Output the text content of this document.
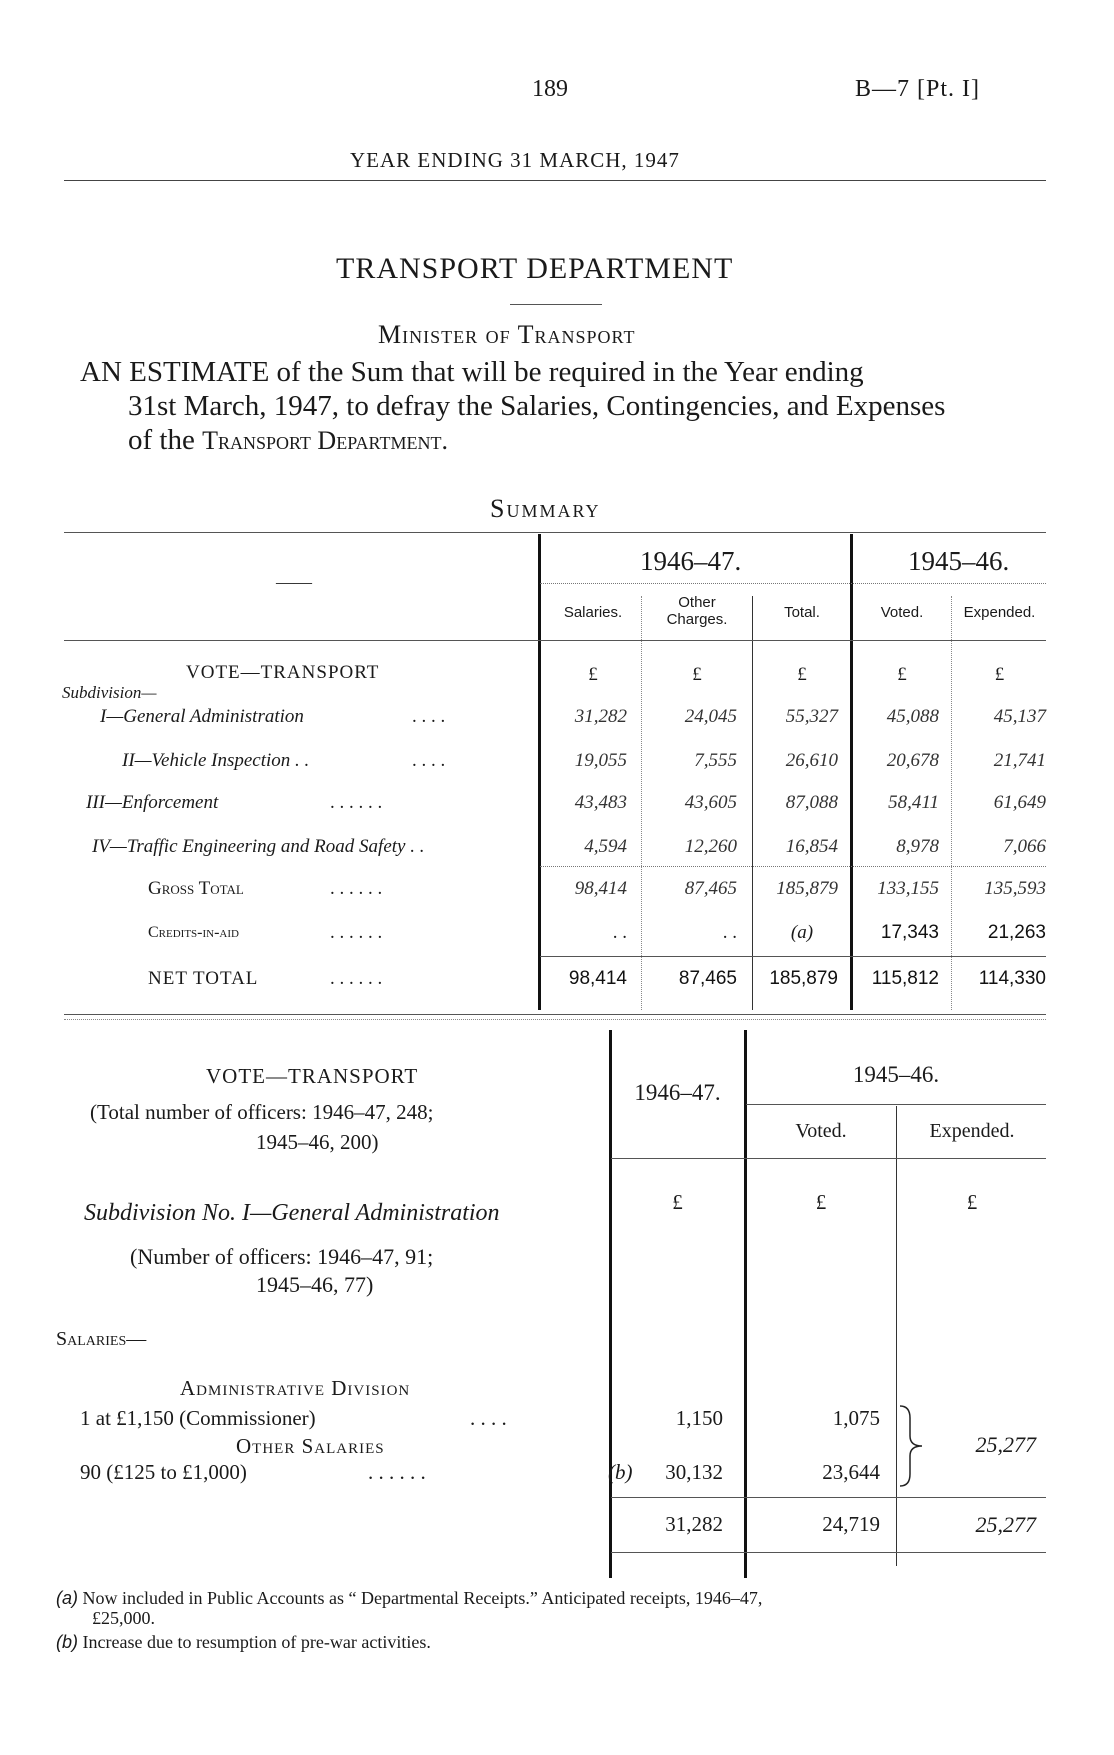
189	B—7 [Pt. I]
YEAR ENDING 31 MARCH, 1947
TRANSPORT DEPARTMENT
Minister of Transport
AN ESTIMATE of the Sum that will be required in the Year ending
31st March, 1947, to defray the Salaries, Contingencies, and Expenses
of the Transport Department.
Summary
——
1946–47.	1945–46.
Salaries.
Other
Charges.	Total.	Voted.	Expended.
VOTE—TRANSPORT
Subdivision—
£	£	£	£	£
I—General Administration	. . . .	31,282	24,045	55,327	45,088	45,137
II—Vehicle Inspection . .	. . . .	19,055	7,555	26,610	20,678	21,741
III—Enforcement	. . . . . .	43,483	43,605	87,088	58,411	61,649
IV—Traffic Engineering and Road Safety . .	4,594	12,260	16,854	8,978	7,066
Gross Total	. . . . . .	98,414	87,465	185,879	133,155	135,593
Credits-in-aid	. . . . . .	. .	. .	(a)	17,343	21,263
NET TOTAL	. . . . . .	98,414	87,465	185,879	115,812	114,330
VOTE—TRANSPORT
(Total number of officers: 1946–47, 248;
1945–46, 200)
1946–47.
1945–46.
Voted.	Expended.
Subdivision No. I—General Administration	£	£	£
(Number of officers: 1946–47, 91;
1945–46, 77)
Salaries—
Administrative Division
1 at £1,150 (Commissioner)	. . . .	1,150	1,075
Other Salaries
90 (£125 to £1,000)	. . . . . .	(b)	30,132	23,644
25,277
31,282	24,719	25,277
(a) Now included in Public Accounts as “ Departmental Receipts.” Anticipated receipts, 1946–47,
£25,000.
(b) Increase due to resumption of pre-war activities.
